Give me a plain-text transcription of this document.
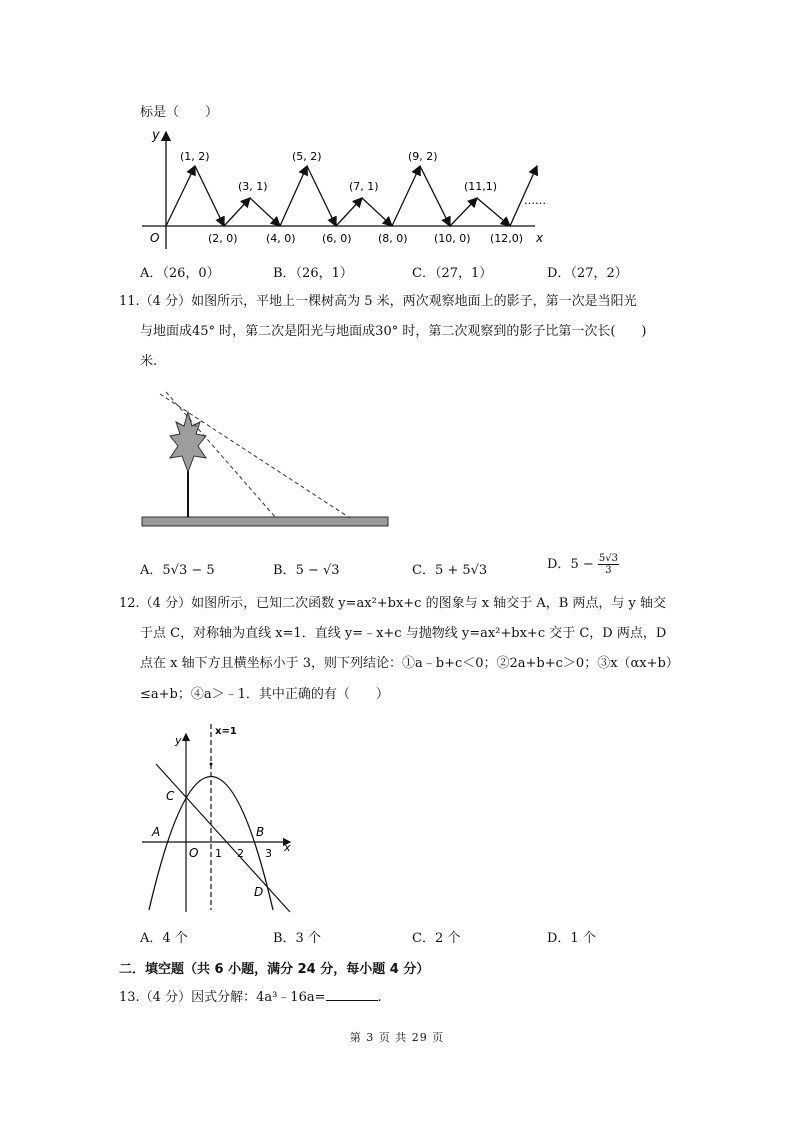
标是（　　）
y
O	x
(1, 2)
(3, 1)
(5, 2)
(7, 1)
(9, 2)
(11,1)
(2, 0)	(4, 0) (6, 0) (8, 0) (10, 0) (12,0)
……
A．（26，0）	B．（26，1）	C．（27，1）	D．（27，2）
11.（4 分）如图所示，平地上一棵树高为 5 米，两次观察地面上的影子，第一次是当阳光
与地面成45° 时，第二次是阳光与地面成30° 时，第二次观察到的影子比第一次长(　　)
米.
A．5√3 − 5	B．5 − √3	C．5 + 5√3	D．$5 - \frac{5√3}{3}$
12.（4 分）如图所示，已知二次函数 y=ax²+bx+c 的图象与 x 轴交于 A，B 两点，与 y 轴交
于点 C，对称轴为直线 x=1．直线 y=﹣x+c 与抛物线 y=ax²+bx+c 交于 C，D 两点，D
点在 x 轴下方且横坐标小于 3，则下列结论：①a﹣b+c＜0；②2a+b+c＞0；③x（αx+b）
≤a+b；④a＞﹣1．其中正确的有（　　）
x=1
y
C
A
O 1 2
B
3 x
D
A．4 个	B．3 个	C．2 个	D．1 个
二．填空题（共 6 小题，满分 24 分，每小题 4 分）
13.（4 分）因式分解：4a³﹣16a=	.
第 3 页 共 29 页
